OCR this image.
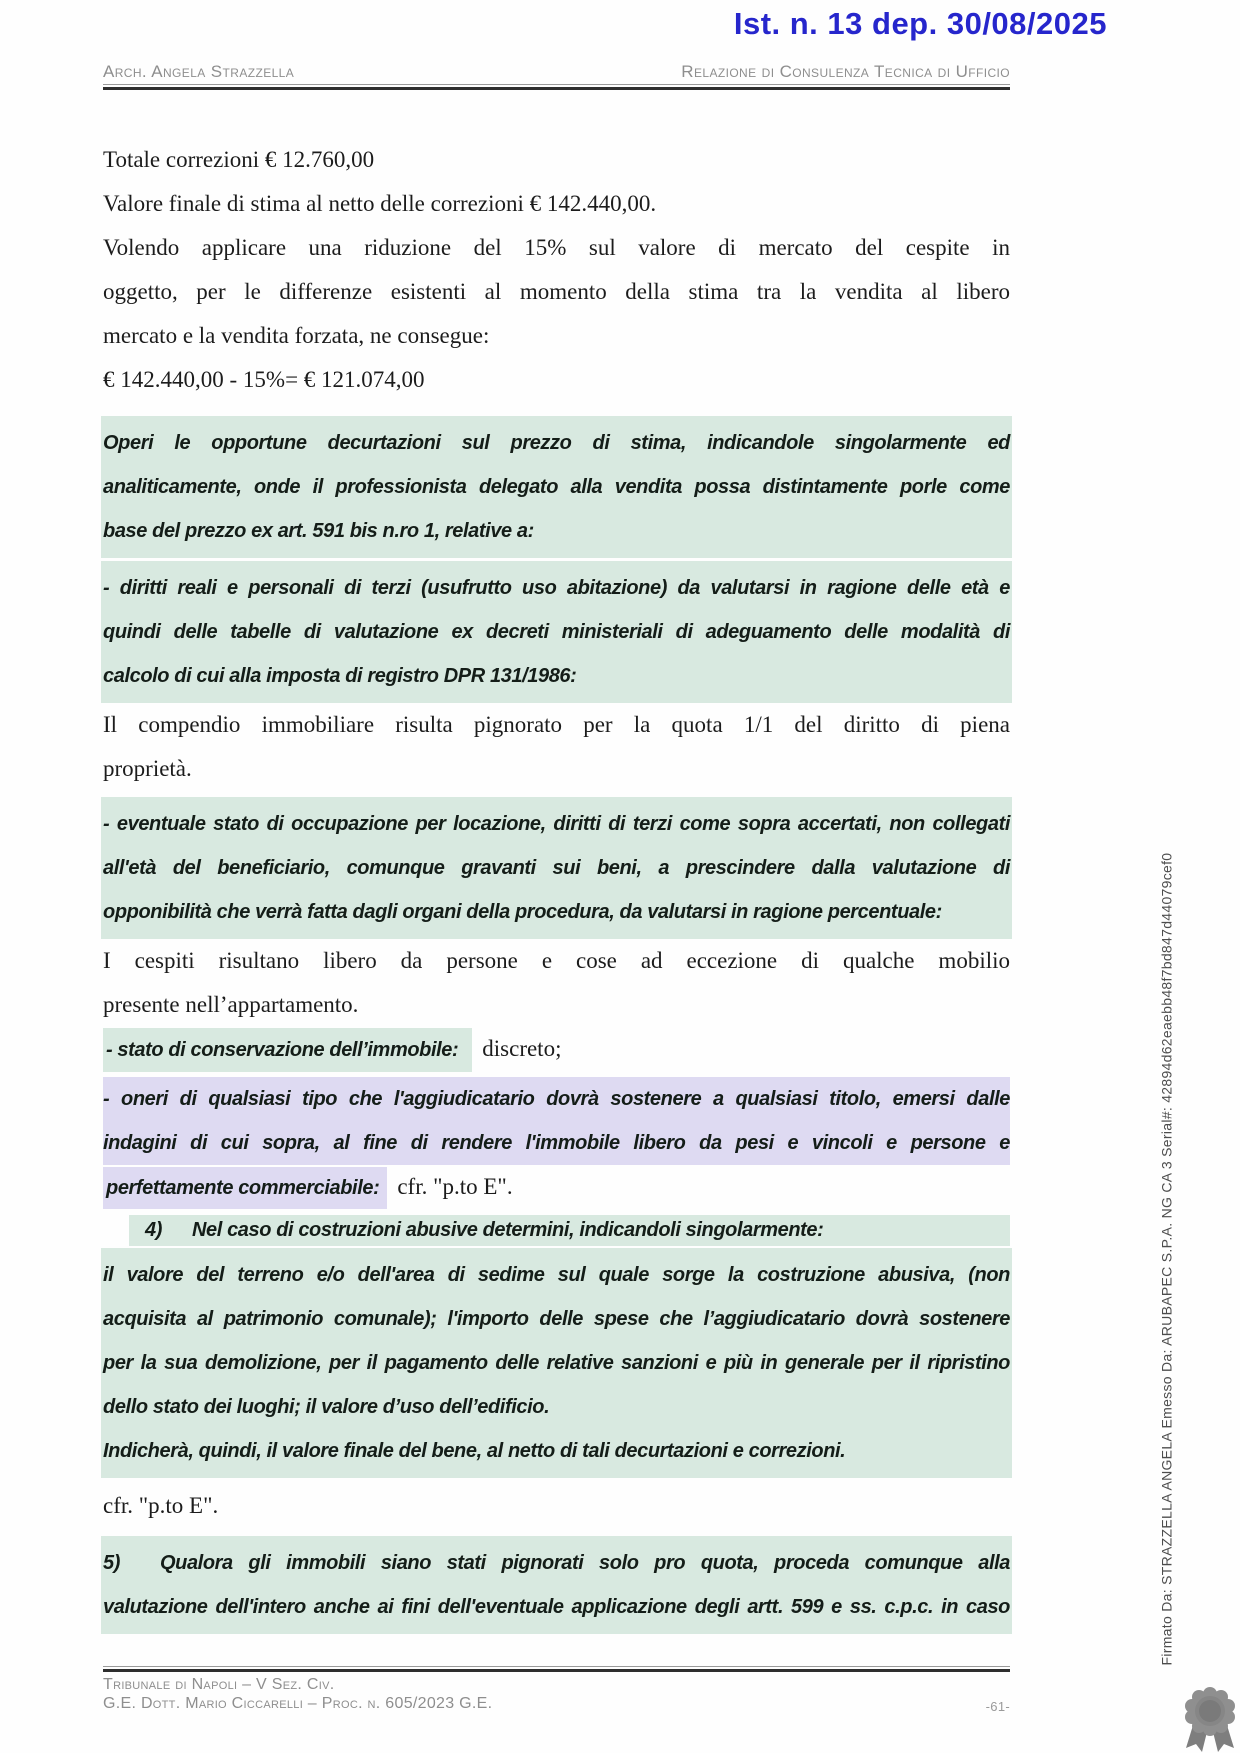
Ist. n. 13 dep. 30/08/2025
Arch. Angela Strazzella	Relazione di Consulenza Tecnica di Ufficio
Totale correzioni € 12.760,00
Valore finale di stima al netto delle correzioni € 142.440,00.
Volendo applicare una riduzione del 15% sul valore di mercato del cespite in
oggetto, per le differenze esistenti al momento della stima tra la vendita al libero
mercato e la vendita forzata, ne consegue:
€ 142.440,00 - 15%= € 121.074,00
Operi le opportune decurtazioni sul prezzo di stima, indicandole singolarmente ed
analiticamente, onde il professionista delegato alla vendita possa distintamente porle come
base del prezzo ex art. 591 bis n.ro 1, relative a:
- diritti reali e personali di terzi (usufrutto uso abitazione) da valutarsi in ragione delle età e
quindi delle tabelle di valutazione ex decreti ministeriali di adeguamento delle modalità di
calcolo di cui alla imposta di registro DPR 131/1986:
Il compendio immobiliare risulta pignorato per la quota 1/1 del diritto di piena
proprietà.
- eventuale stato di occupazione per locazione, diritti di terzi come sopra accertati, non collegati
all'età del beneficiario, comunque gravanti sui beni, a prescindere dalla valutazione di
opponibilità che verrà fatta dagli organi della procedura, da valutarsi in ragione percentuale:
I cespiti risultano libero da persone e cose ad eccezione di qualche mobilio
presente nell’appartamento.
- stato di conservazione dell’immobile: discreto;
- oneri di qualsiasi tipo che l'aggiudicatario dovrà sostenere a qualsiasi titolo, emersi dalle
indagini di cui sopra, al fine di rendere l'immobile libero da pesi e vincoli e persone e
perfettamente commerciabile: cfr. "p.to E".
4) Nel caso di costruzioni abusive determini, indicandoli singolarmente:
il valore del terreno e/o dell'area di sedime sul quale sorge la costruzione abusiva, (non
acquisita al patrimonio comunale); l'importo delle spese che l’aggiudicatario dovrà sostenere
per la sua demolizione, per il pagamento delle relative sanzioni e più in generale per il ripristino
dello stato dei luoghi; il valore d’uso dell’edificio.
Indicherà, quindi, il valore finale del bene, al netto di tali decurtazioni e correzioni.
cfr. "p.to E".
5) Qualora gli immobili siano stati pignorati solo pro quota, proceda comunque alla
valutazione dell'intero anche ai fini dell'eventuale applicazione degli artt. 599 e ss. c.p.c. in caso	Firmato Da: STRAZZELLA ANGELA Emesso Da: ARUBAPEC S.P.A. NG CA 3 Serial#: 42894d62eaebb48f7bd847d44079cef0
Tribunale di Napoli – V Sez. Civ.
G.E. Dott. Mario Ciccarelli – Proc. n. 605/2023 G.E.	-61-
